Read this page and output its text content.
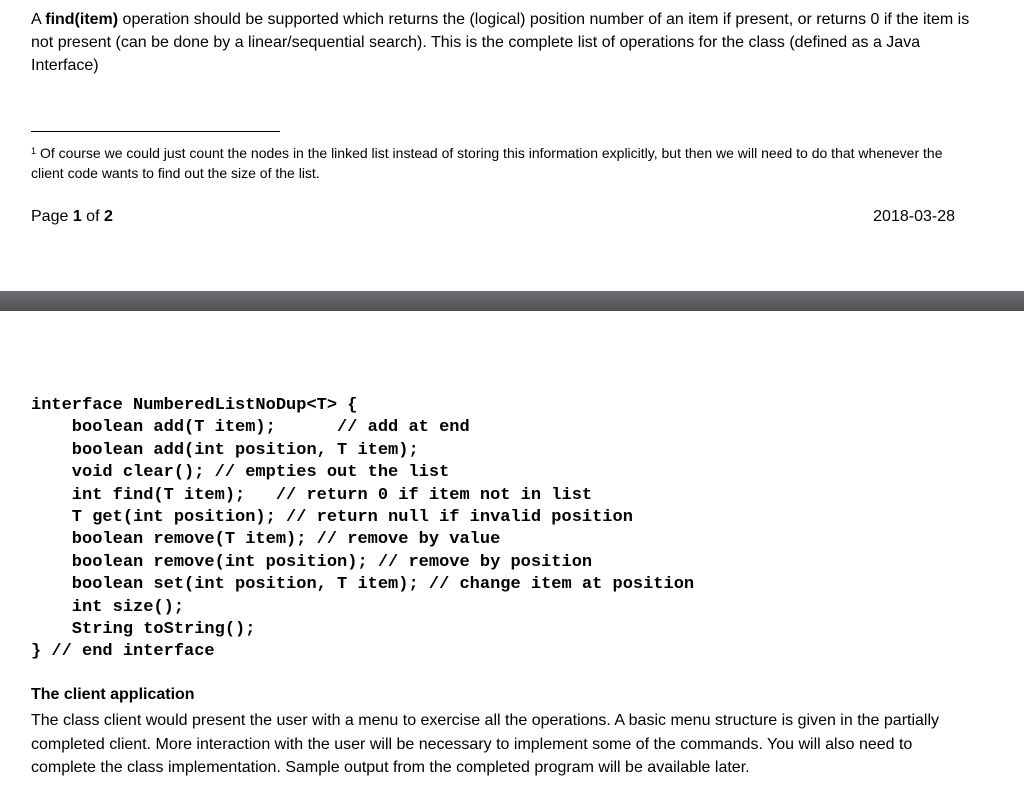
A find(item) operation should be supported which returns the (logical) position number of an item if present, or returns 0 if the item is not present (can be done by a linear/sequential search). This is the complete list of operations for the class (defined as a Java Interface)
$^1$ Of course we could just count the nodes in the linked list instead of storing this information explicitly, but then we will need to do that whenever the client code wants to find out the size of the list.
Page 1 of 2	2018-03-28
interface NumberedListNoDup<T> {
boolean add(T item);      // add at end
boolean add(int position, T item);
void clear(); // empties out the list
int find(T item);   // return 0 if item not in list
T get(int position); // return null if invalid position
boolean remove(T item); // remove by value
boolean remove(int position); // remove by position
boolean set(int position, T item); // change item at position
int size();
String toString();
} // end interface
The client application
The class client would present the user with a menu to exercise all the operations. A basic menu structure is given in the partially completed client. More interaction with the user will be necessary to implement some of the commands. You will also need to complete the class implementation. Sample output from the completed program will be available later.
